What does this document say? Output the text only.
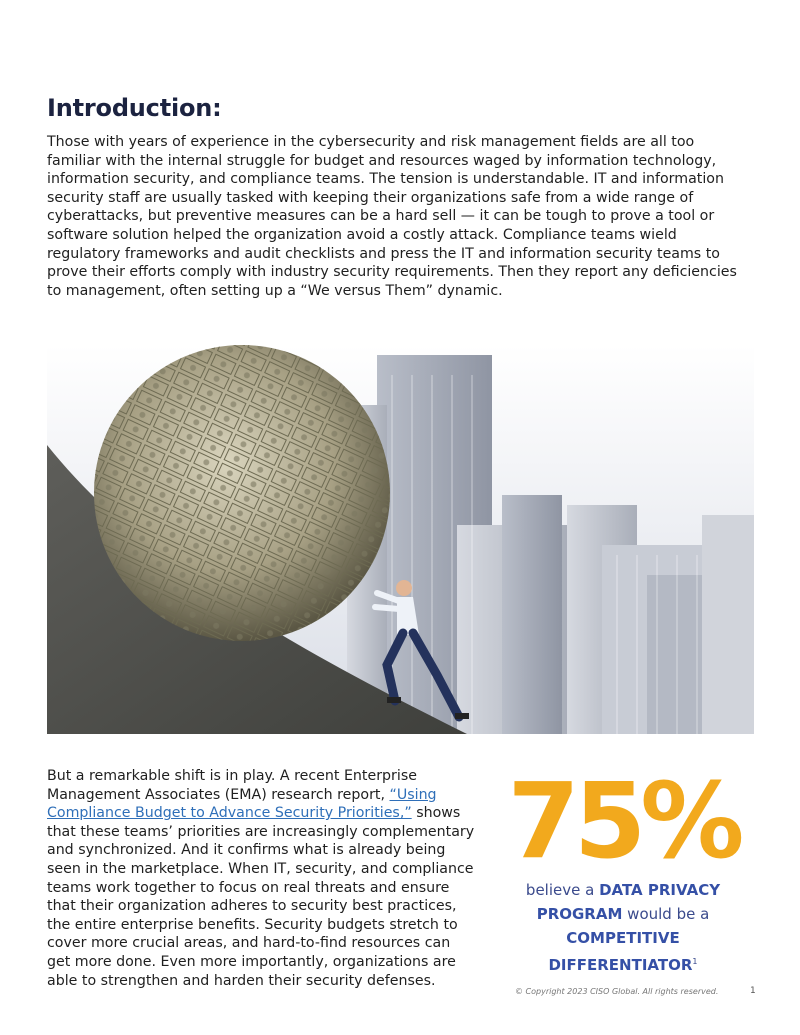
Introduction:

Those with years of experience in the cybersecurity and risk management fields are all too familiar with the internal struggle for budget and resources waged by information technology, information security, and compliance teams. The tension is understandable. IT and information security staff are usually tasked with keeping their organizations safe from a wide range of cyberattacks, but preventive measures can be a hard sell — it can be tough to prove a tool or software solution helped the organization avoid a costly attack. Compliance teams wield regulatory frameworks and audit checklists and press the IT and information security teams to prove their efforts comply with industry security requirements. Then they report any deficiencies to management, often setting up a “We versus Them” dynamic.

But a remarkable shift is in play. A recent Enterprise Management Associates (EMA) research report, “Using Compliance Budget to Advance Security Priorities,” shows that these teams’ priorities are increasingly complementary and synchronized. And it confirms what is already being seen in the marketplace. When IT, security, and compliance teams work together to focus on real threats and ensure that their organization adheres to security best practices, the entire enterprise benefits. Security budgets stretch to cover more crucial areas, and hard-to-find resources can get more done. Even more importantly, organizations are able to strengthen and harden their security defenses.

75%
believe a DATA PRIVACY PROGRAM would be a COMPETITIVE DIFFERENTIATOR$^1$
© Copyright 2023 CISO Global. All rights reserved.	1
